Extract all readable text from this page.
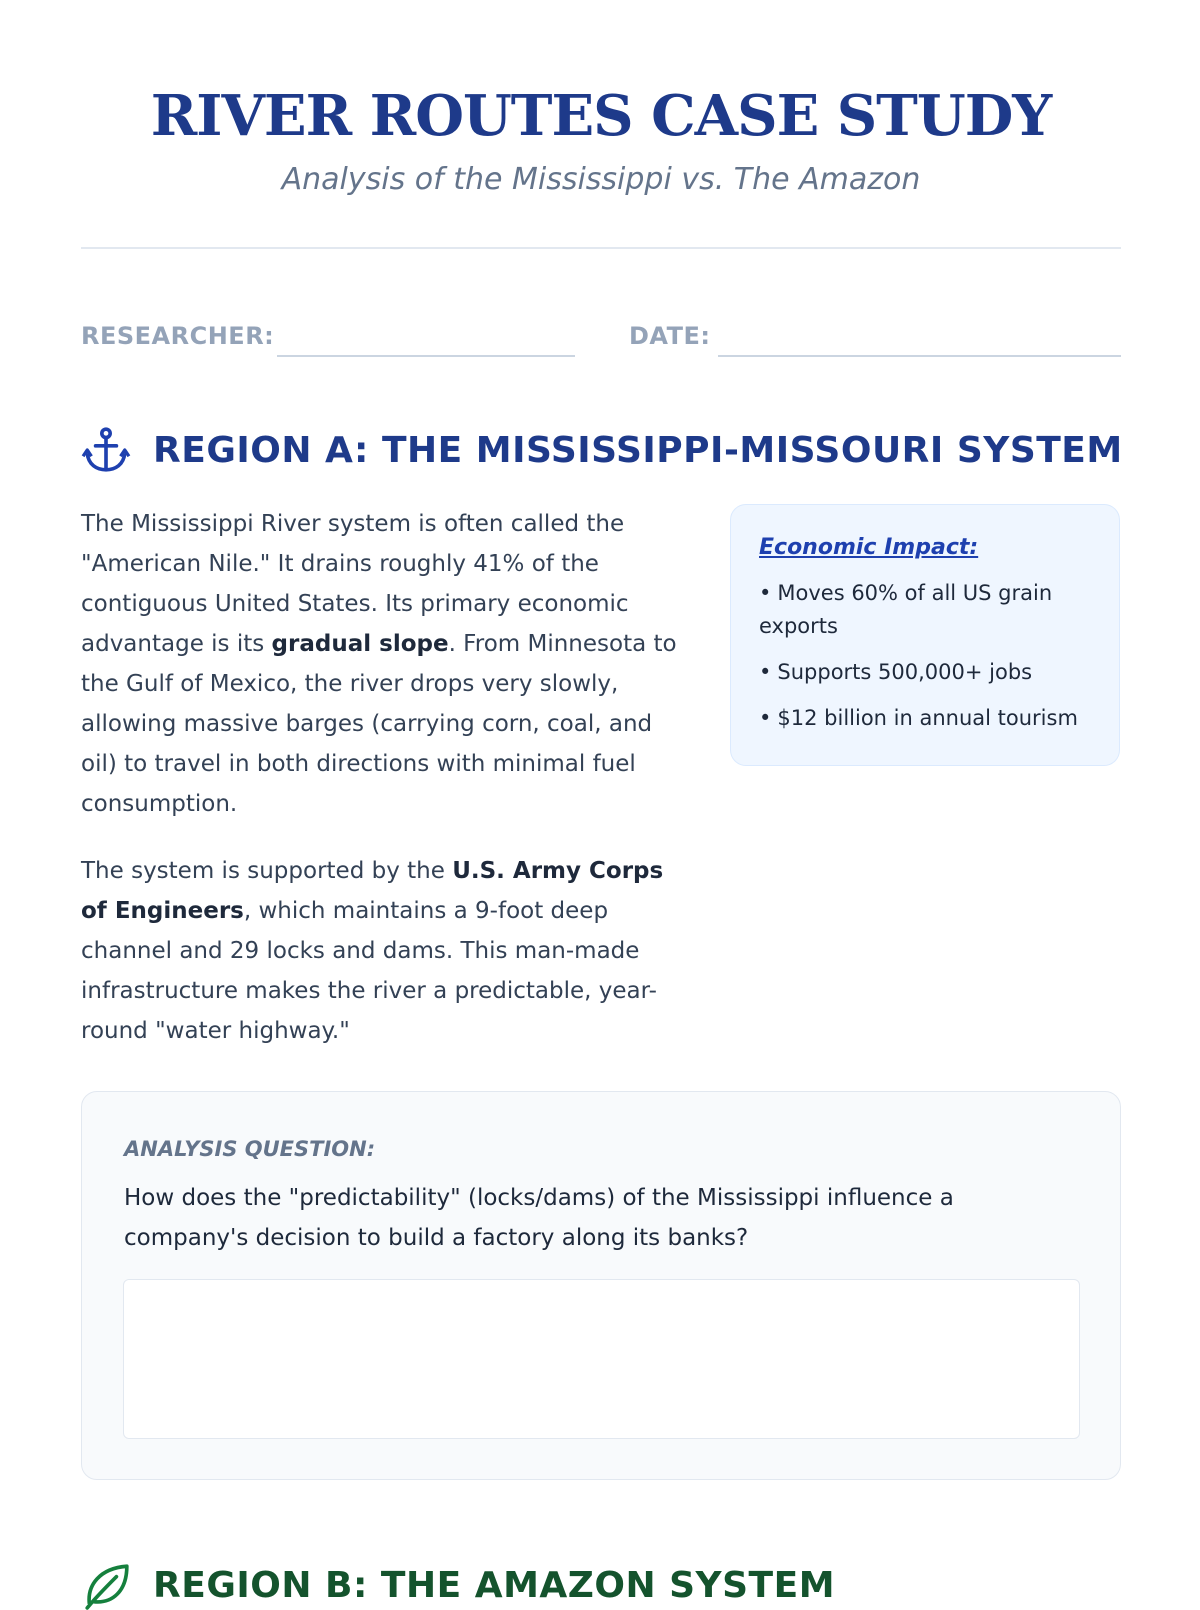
RIVER ROUTES CASE STUDY
Analysis of the Mississippi vs. The Amazon
RESEARCHER:	DATE:
REGION A: THE MISSISSIPPI-MISSOURI SYSTEM
The Mississippi River system is often called the "American Nile." It drains roughly 41% of the contiguous United States. Its primary economic advantage is its gradual slope. From Minnesota to the Gulf of Mexico, the river drops very slowly, allowing massive barges (carrying corn, coal, and oil) to travel in both directions with minimal fuel consumption.
The system is supported by the U.S. Army Corps of Engineers, which maintains a 9-foot deep channel and 29 locks and dams. This man-made infrastructure makes the river a predictable, year-round "water highway."
Economic Impact:
• Moves 60% of all US grain exports
• Supports 500,000+ jobs
• $12 billion in annual tourism
ANALYSIS QUESTION:
How does the "predictability" (locks/dams) of the Mississippi influence a company's decision to build a factory along its banks?
REGION B: THE AMAZON SYSTEM
